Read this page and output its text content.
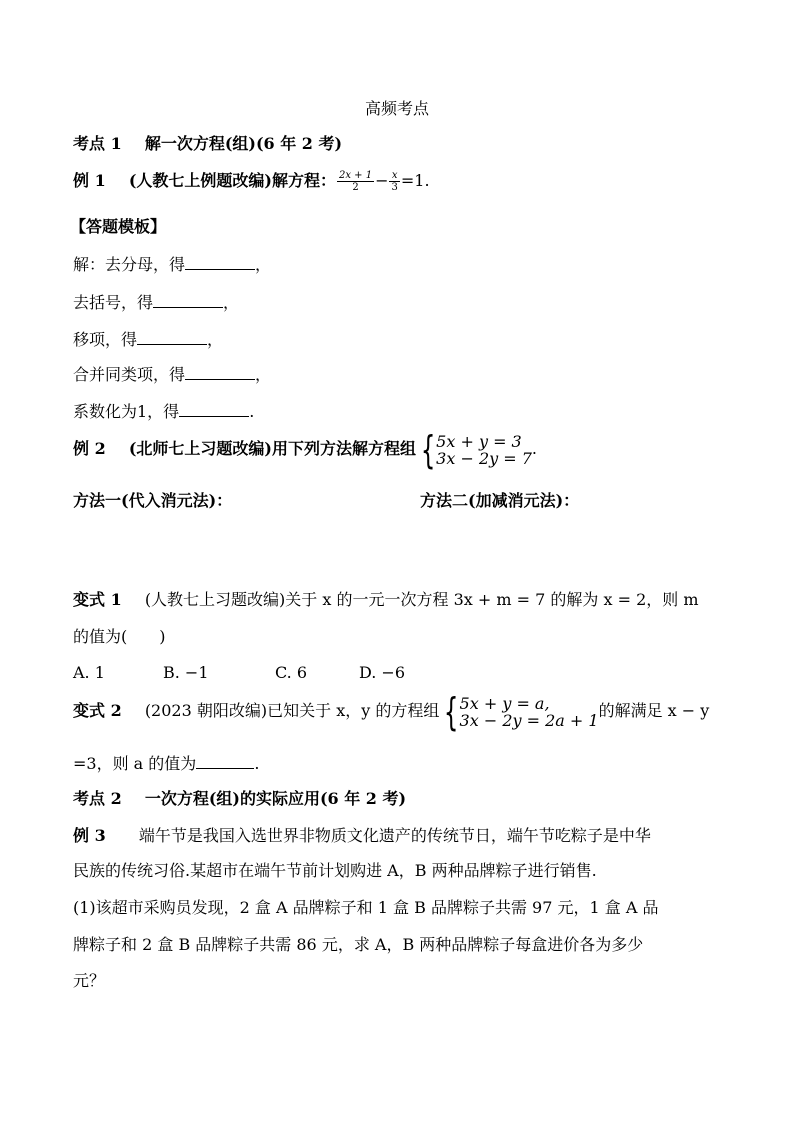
高频考点
考点 1 解一次方程(组)(6 年 2 考)
例 1 (人教七上例题改编)解方程： $\frac{2x + 1}{2} - \frac{x}{3} =1$.
【答题模板】
解：去分母，得	，
去括号，得	，
移项，得	，
合并同类项，得	，
系数化为1，得	.
例 2 (北师七上习题改编)用下列方法解方程组 { 5x + y = 3
3x − 2y = 7 .
方法一(代入消元法)：	方法二(加减消元法)：
变式 1 (人教七上习题改编)关于 x 的一元一次方程 3x + m = 7 的解为 x = 2，则 m
的值为(　　)
A. 1	B. −1	C. 6	D. −6
变式 2 (2023 朝阳改编)已知关于 x，y 的方程组 { 5x + y = a,
3x − 2y = 2a + 1 的解满足 x − y
=3，则 a 的值为	.
考点 2 一次方程(组)的实际应用(6 年 2 考)
例 3 端午节是我国入选世界非物质文化遗产的传统节日，端午节吃粽子是中华
民族的传统习俗.某超市在端午节前计划购进 A，B 两种品牌粽子进行销售.
(1)该超市采购员发现，2 盒 A 品牌粽子和 1 盒 B 品牌粽子共需 97 元，1 盒 A 品
牌粽子和 2 盒 B 品牌粽子共需 86 元，求 A，B 两种品牌粽子每盒进价各为多少
元？
